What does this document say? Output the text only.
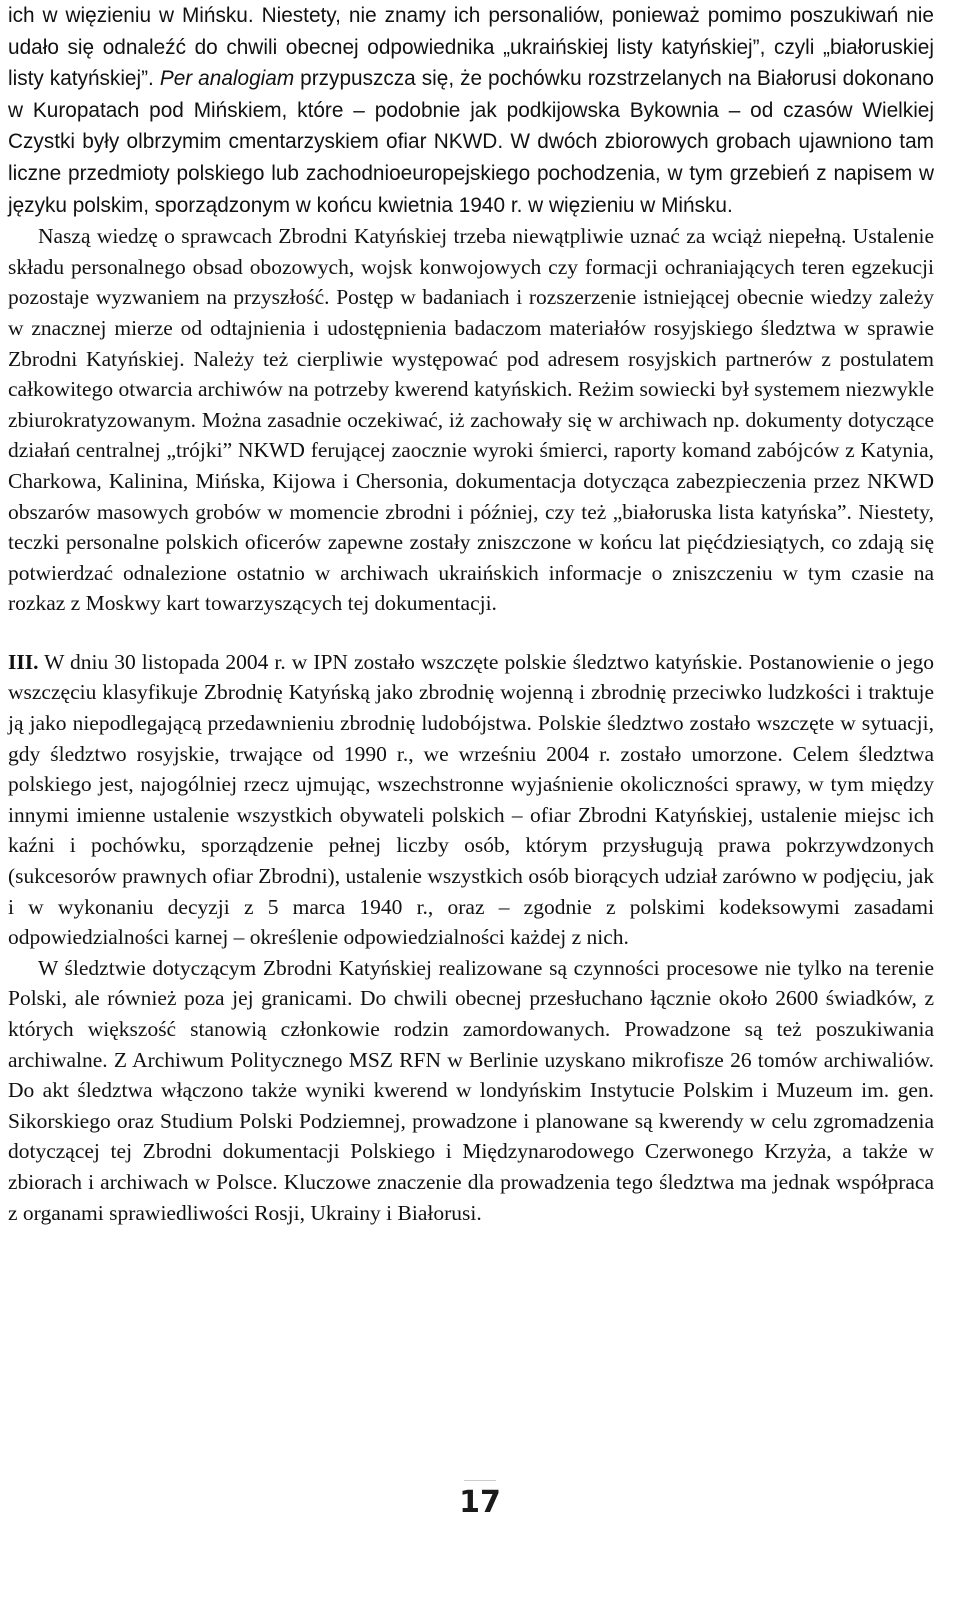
ich w więzieniu w Mińsku. Niestety, nie znamy ich personaliów, ponieważ pomimo poszukiwań nie udało się odnaleźć do chwili obecnej odpowiednika „ukraińskiej listy katyńskiej”, czyli „białoruskiej listy katyńskiej”. Per analogiam przypuszcza się, że pochówku rozstrzelanych na Białorusi dokonano w Kuropatach pod Mińskiem, które – podobnie jak podkijowska Bykownia – od czasów Wielkiej Czystki były olbrzymim cmentarzyskiem ofiar NKWD. W dwóch zbiorowych grobach ujawniono tam liczne przedmioty polskiego lub zachodnioeuropejskiego pochodzenia, w tym grzebień z napisem w języku polskim, sporządzonym w końcu kwietnia 1940 r. w więzieniu w Mińsku.

Naszą wiedzę o sprawcach Zbrodni Katyńskiej trzeba niewątpliwie uznać za wciąż niepełną. Ustalenie składu personalnego obsad obozowych, wojsk konwojowych czy formacji ochraniających teren egzekucji pozostaje wyzwaniem na przyszłość. Postęp w badaniach i rozszerzenie istniejącej obecnie wiedzy zależy w znacznej mierze od odtajnienia i udostępnienia badaczom materiałów rosyjskiego śledztwa w sprawie Zbrodni Katyńskiej. Należy też cierpliwie występować pod adresem rosyjskich partnerów z postulatem całkowitego otwarcia archiwów na potrzeby kwerend katyńskich. Reżim sowiecki był systemem niezwykle zbiurokratyzowanym. Można zasadnie oczekiwać, iż zachowały się w archiwach np. dokumenty dotyczące działań centralnej „trójki” NKWD ferującej zaocznie wyroki śmierci, raporty komand zabójców z Katynia, Charkowa, Kalinina, Mińska, Kijowa i Chersonia, dokumentacja dotycząca zabezpieczenia przez NKWD obszarów masowych grobów w momencie zbrodni i później, czy też „białoruska lista katyńska”. Niestety, teczki personalne polskich oficerów zapewne zostały zniszczone w końcu lat pięćdziesiątych, co zdają się potwierdzać odnalezione ostatnio w archiwach ukraińskich informacje o zniszczeniu w tym czasie na rozkaz z Moskwy kart towarzyszących tej dokumentacji.

III. W dniu 30 listopada 2004 r. w IPN zostało wszczęte polskie śledztwo katyńskie. Postanowienie o jego wszczęciu klasyfikuje Zbrodnię Katyńską jako zbrodnię wojenną i zbrodnię przeciwko ludzkości i traktuje ją jako niepodlegającą przedawnieniu zbrodnię ludobójstwa. Polskie śledztwo zostało wszczęte w sytuacji, gdy śledztwo rosyjskie, trwające od 1990 r., we wrześniu 2004 r. zostało umorzone. Celem śledztwa polskiego jest, najogólniej rzecz ujmując, wszechstronne wyjaśnienie okoliczności sprawy, w tym między innymi imienne ustalenie wszystkich obywateli polskich – ofiar Zbrodni Katyńskiej, ustalenie miejsc ich kaźni i pochówku, sporządzenie pełnej liczby osób, którym przysługują prawa pokrzywdzonych (sukcesorów prawnych ofiar Zbrodni), ustalenie wszystkich osób biorących udział zarówno w podjęciu, jak i w wykonaniu decyzji z 5 marca 1940 r., oraz – zgodnie z polskimi kodeksowymi zasadami odpowiedzialności karnej – określenie odpowiedzialności każdej z nich.

W śledztwie dotyczącym Zbrodni Katyńskiej realizowane są czynności procesowe nie tylko na terenie Polski, ale również poza jej granicami. Do chwili obecnej przesłuchano łącznie około 2600 świadków, z których większość stanowią członkowie rodzin zamordowanych. Prowadzone są też poszukiwania archiwalne. Z Archiwum Politycznego MSZ RFN w Berlinie uzyskano mikrofisze 26 tomów archiwaliów. Do akt śledztwa włączono także wyniki kwerend w londyńskim Instytucie Polskim i Muzeum im. gen. Sikorskiego oraz Studium Polski Podziemnej, prowadzone i planowane są kwerendy w celu zgromadzenia dotyczącej tej Zbrodni dokumentacji Polskiego i Międzynarodowego Czerwonego Krzyża, a także w zbiorach i archiwach w Polsce. Kluczowe znaczenie dla prowadzenia tego śledztwa ma jednak współpraca z organami sprawiedliwości Rosji, Ukrainy i Białorusi.

17
